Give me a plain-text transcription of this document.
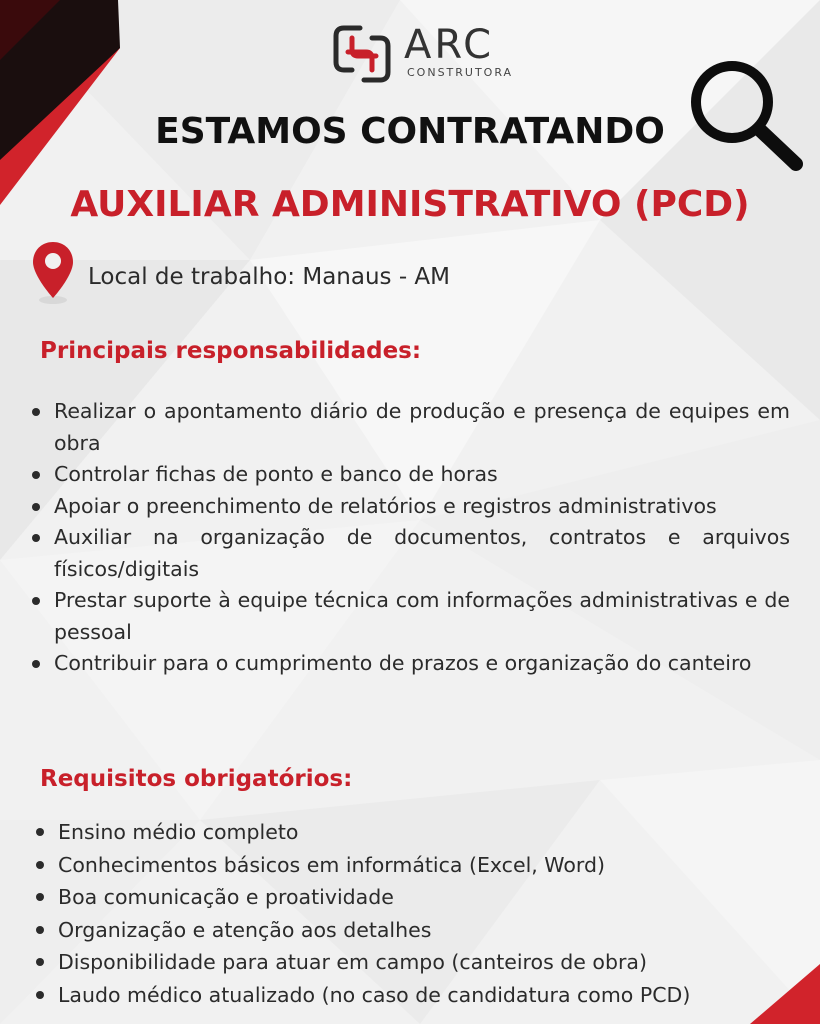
ARC
CONSTRUTORA
ESTAMOS CONTRATANDO
AUXILIAR ADMINISTRATIVO (PCD)
Local de trabalho: Manaus - AM
Principais responsabilidades:
Realizar o apontamento diário de produção e presença de equipes em obra
Controlar fichas de ponto e banco de horas
Apoiar o preenchimento de relatórios e registros administrativos
Auxiliar na organização de documentos, contratos e arquivos físicos/digitais
Prestar suporte à equipe técnica com informações administrativas e de pessoal
Contribuir para o cumprimento de prazos e organização do canteiro
Requisitos obrigatórios:
Ensino médio completo
Conhecimentos básicos em informática (Excel, Word)
Boa comunicação e proatividade
Organização e atenção aos detalhes
Disponibilidade para atuar em campo (canteiros de obra)
Laudo médico atualizado (no caso de candidatura como PCD)
